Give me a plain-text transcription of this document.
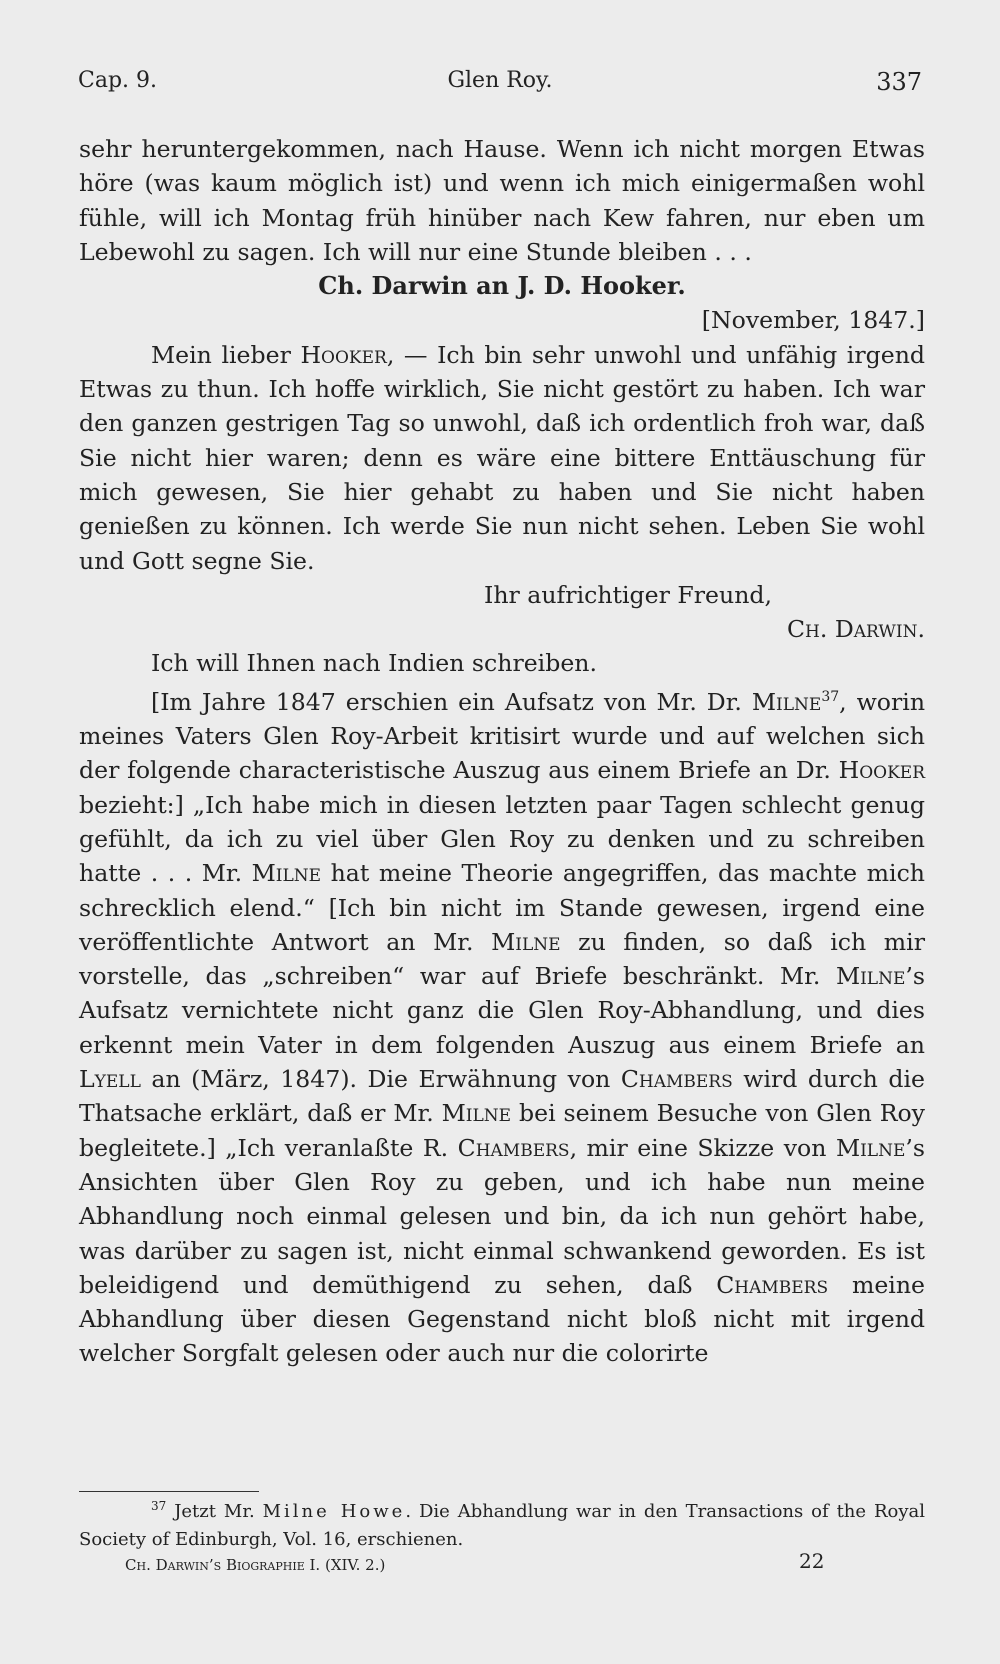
Cap. 9.	Glen Roy.	337

sehr heruntergekommen, nach Hause. Wenn ich nicht morgen Etwas höre (was kaum möglich ist) und wenn ich mich einigermaßen wohl fühle, will ich Montag früh hinüber nach Kew fahren, nur eben um Lebewohl zu sagen. Ich will nur eine Stunde bleiben . . .

Ch. Darwin an J. D. Hooker.

[November, 1847.]

Mein lieber Hooker, — Ich bin sehr unwohl und unfähig irgend Etwas zu thun. Ich hoffe wirklich, Sie nicht gestört zu haben. Ich war den ganzen gestrigen Tag so unwohl, daß ich ordentlich froh war, daß Sie nicht hier waren; denn es wäre eine bittere Enttäuschung für mich gewesen, Sie hier gehabt zu haben und Sie nicht haben genießen zu können. Ich werde Sie nun nicht sehen. Leben Sie wohl und Gott segne Sie.

Ihr aufrichtiger Freund,

Ch. Darwin.

Ich will Ihnen nach Indien schreiben.

[Im Jahre 1847 erschien ein Aufsatz von Mr. Dr. Milne$^{37}$, worin meines Vaters Glen Roy-Arbeit kritisirt wurde und auf welchen sich der folgende characteristische Auszug aus einem Briefe an Dr. Hooker bezieht:] „Ich habe mich in diesen letzten paar Tagen schlecht genug gefühlt, da ich zu viel über Glen Roy zu denken und zu schreiben hatte . . . Mr. Milne hat meine Theorie angegriffen, das machte mich schrecklich elend.“ [Ich bin nicht im Stande gewesen, irgend eine veröffentlichte Antwort an Mr. Milne zu finden, so daß ich mir vorstelle, das „schreiben“ war auf Briefe beschränkt. Mr. Milne’s Aufsatz vernichtete nicht ganz die Glen Roy-Abhandlung, und dies erkennt mein Vater in dem folgenden Auszug aus einem Briefe an Lyell an (März, 1847). Die Erwähnung von Chambers wird durch die Thatsache erklärt, daß er Mr. Milne bei seinem Besuche von Glen Roy begleitete.] „Ich veranlaßte R. Chambers, mir eine Skizze von Milne’s Ansichten über Glen Roy zu geben, und ich habe nun meine Abhandlung noch einmal gelesen und bin, da ich nun gehört habe, was darüber zu sagen ist, nicht einmal schwankend geworden. Es ist beleidigend und demüthigend zu sehen, daß Chambers meine Abhandlung über diesen Gegenstand nicht bloß nicht mit irgend welcher Sorgfalt gelesen oder auch nur die colorirte

$^{37}$ Jetzt Mr. Milne Howe. Die Abhandlung war in den Transactions of the Royal Society of Edinburgh, Vol. 16, erschienen.

Ch. Darwin’s Biographie I. (XIV. 2.)	22
